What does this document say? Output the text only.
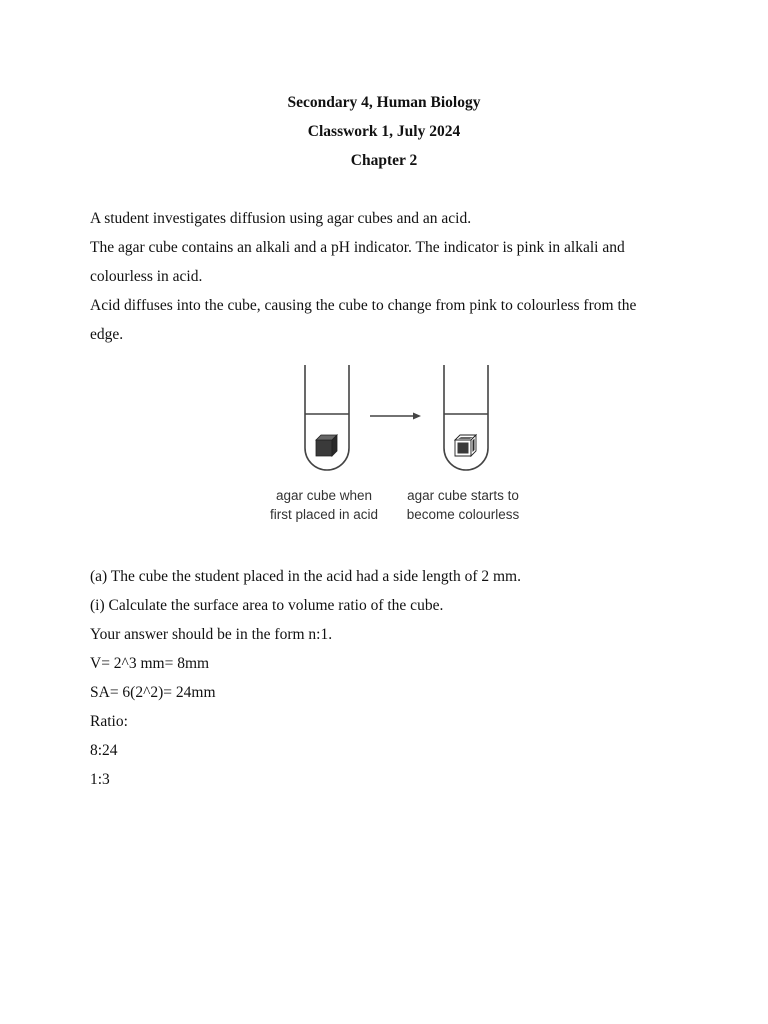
Secondary 4, Human Biology
Classwork 1, July 2024
Chapter 2

A student investigates diffusion using agar cubes and an acid.

The agar cube contains an alkali and a pH indicator. The indicator is pink in alkali and

colourless in acid.

Acid diffuses into the cube, causing the cube to change from pink to colourless from the

edge.

agar cube when
first placed in acid
agar cube starts to
become colourless

(a) The cube the student placed in the acid had a side length of 2 mm.

(i) Calculate the surface area to volume ratio of the cube.

Your answer should be in the form n:1.

V= 2^3 mm= 8mm

SA= 6(2^2)= 24mm

Ratio:

8:24

1:3
